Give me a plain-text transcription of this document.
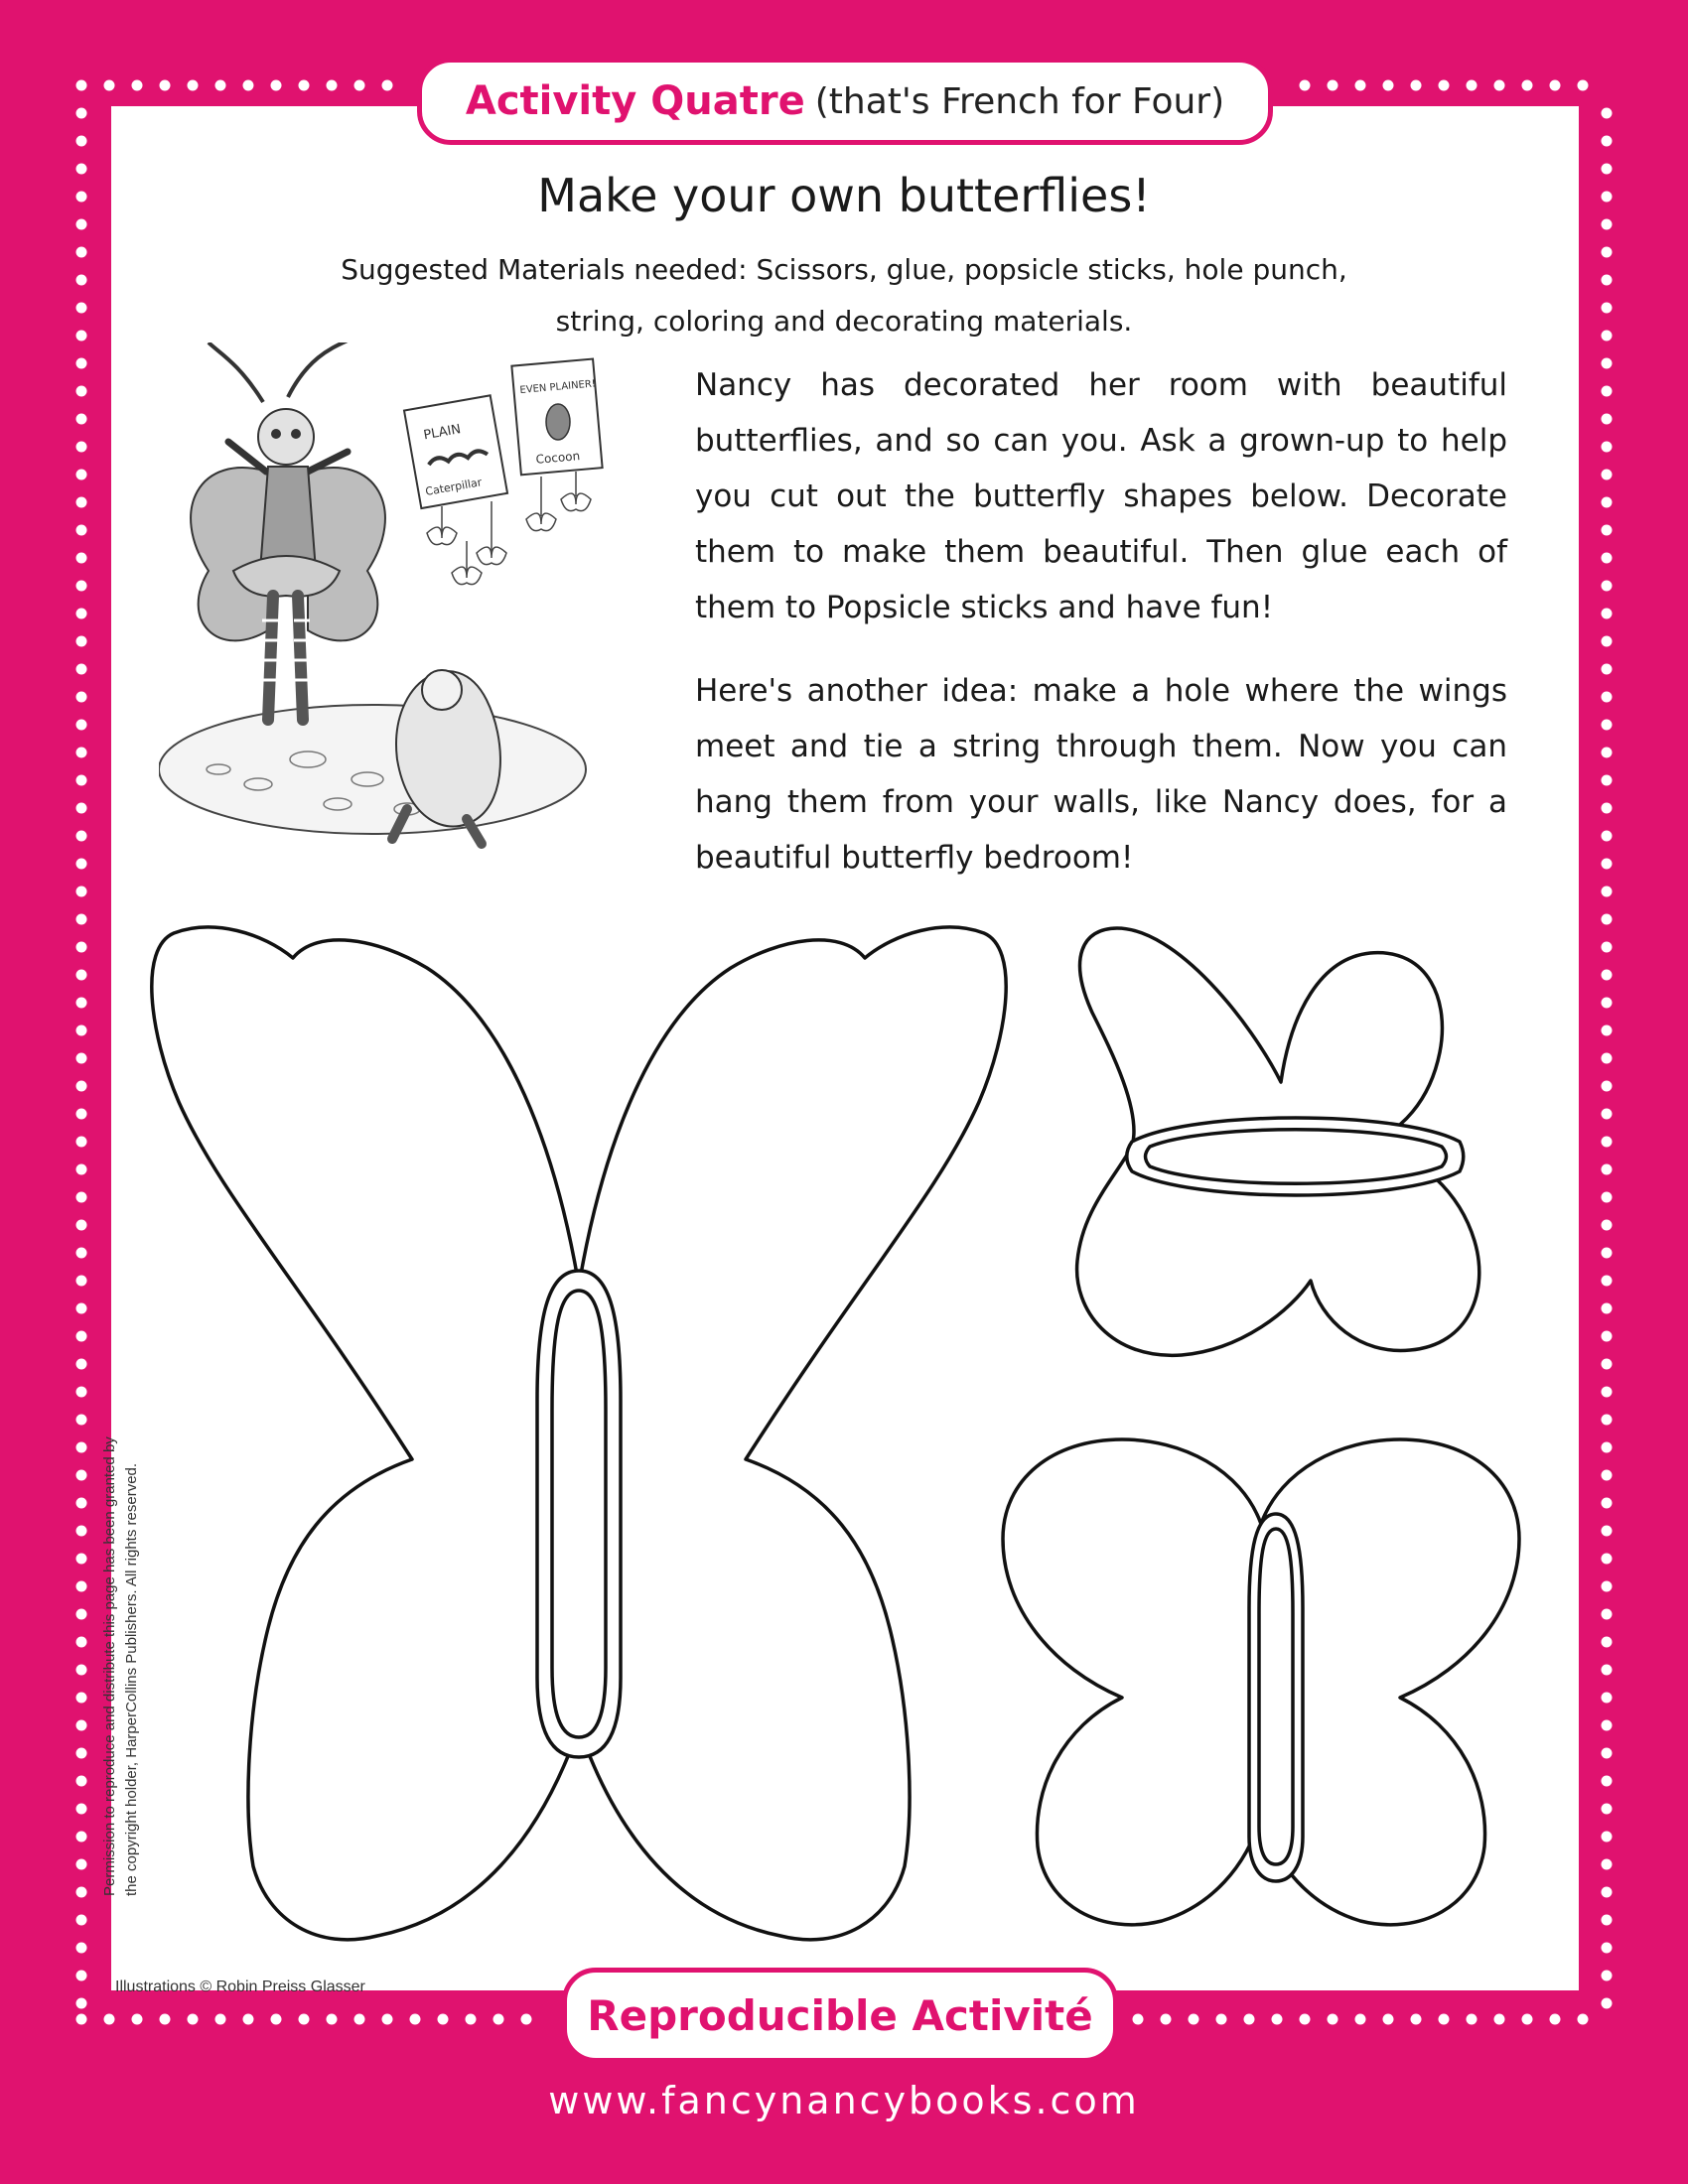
Activity Quatre (that's French for Four)
Make your own butterflies!
Suggested Materials needed: Scissors, glue, popsicle sticks, hole punch,
string, coloring and decorating materials.
PLAIN
Caterpillar
EVEN PLAINER!
Cocoon

Nancy has decorated her room with beautiful butterflies, and so can you. Ask a grown-up to help you cut out the butterfly shapes below. Decorate them to make them beautiful. Then glue each of them to Popsicle sticks and have fun!

Here's another idea: make a hole where the wings meet and tie a string through them. Now you can hang them from your walls, like Nancy does, for a beautiful butterfly bedroom!

Permission to reproduce and distribute this page has been granted by the copyright holder, HarperCollins Publishers. All rights reserved.
Illustrations © Robin Preiss Glasser
Reproducible Activité
www.fancynancybooks.com
